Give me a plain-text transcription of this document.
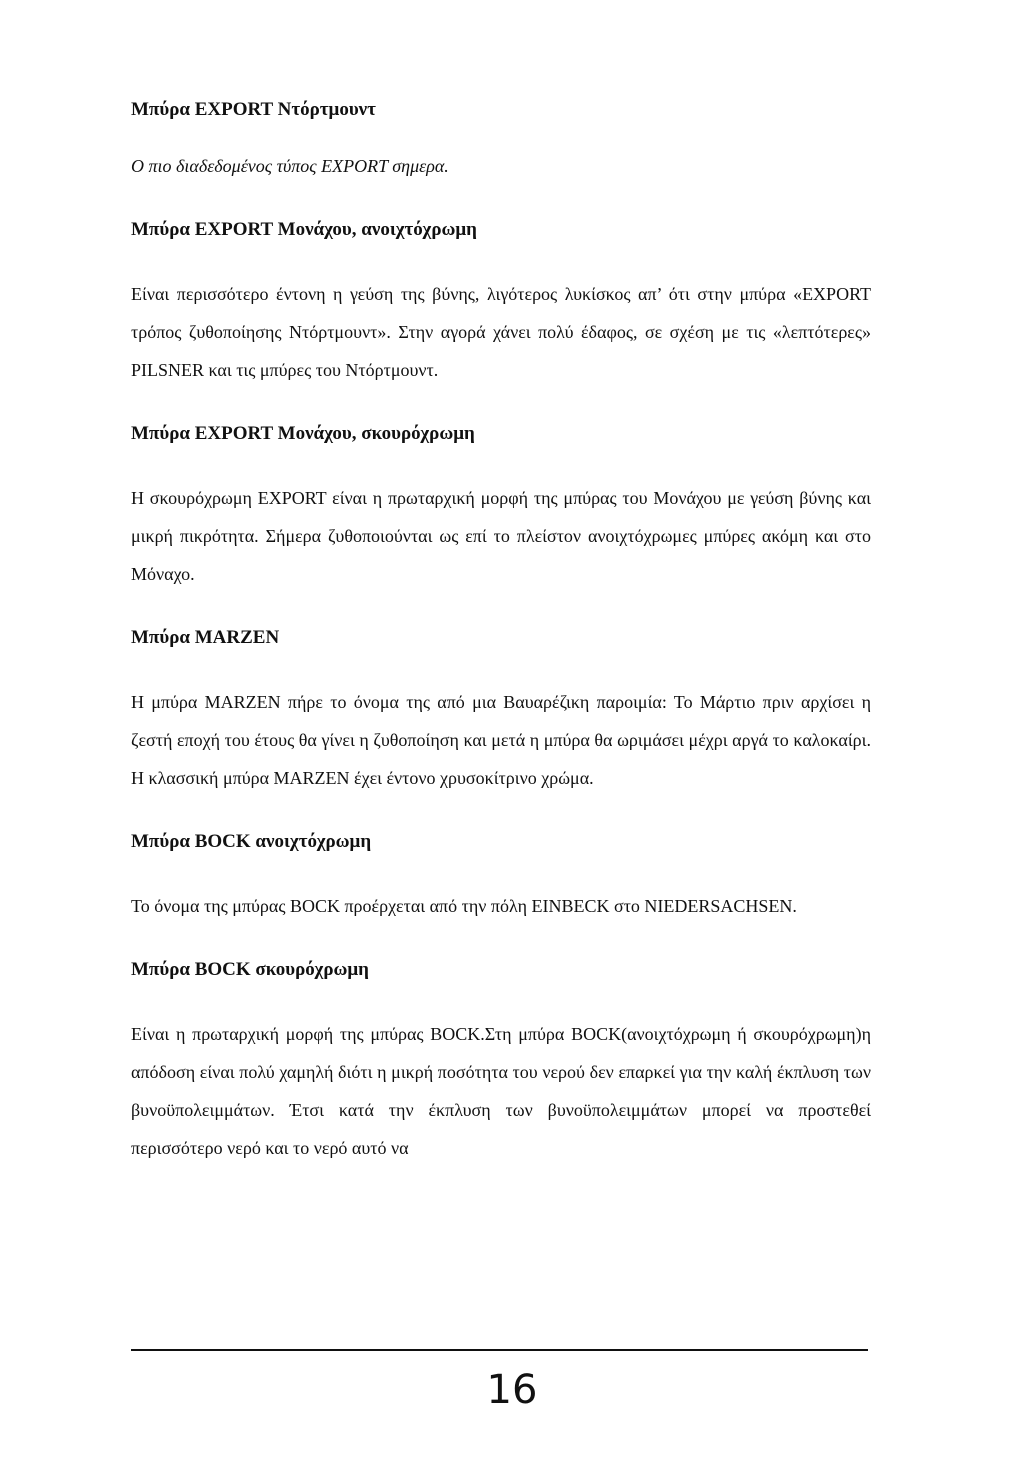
Μπύρα EXPORT Ντόρτμουντ

Ο πιο διαδεδομένος τύπος EXPORT σημερα.

Μπύρα EXPORT Μονάχου, ανοιχτόχρωμη

Είναι περισσότερο έντονη η γεύση της βύνης, λιγότερος λυκίσκος απ’ ότι στην μπύρα «EXPORT τρόπος ζυθοποίησης Ντόρτμουντ». Στην αγορά χάνει πολύ έδαφος, σε σχέση με τις «λεπτότερες» PILSNER και τις μπύρες του Ντόρτμουντ.

Μπύρα EXPORT Μονάχου, σκουρόχρωμη

Η σκουρόχρωμη EXPORT είναι η πρωταρχική μορφή της μπύρας του Μονάχου με γεύση βύνης και μικρή πικρότητα. Σήμερα ζυθοποιούνται ως επί το πλείστον ανοιχτόχρωμες μπύρες ακόμη και στο Μόναχο.

Μπύρα MARZEN

Η μπύρα MARZEN πήρε το όνομα της από μια Βαυαρέζικη παροιμία: Το Μάρτιο πριν αρχίσει η ζεστή εποχή του έτους θα γίνει η ζυθοποίηση και μετά η μπύρα θα ωριμάσει μέχρι αργά το καλοκαίρι. Η κλασσική μπύρα MARZEN έχει έντονο χρυσοκίτρινο χρώμα.

Μπύρα BOCK ανοιχτόχρωμη

Το όνομα της μπύρας BOCK προέρχεται από την πόλη EINBECK στο NIEDERSACHSEN.

Μπύρα BOCK σκουρόχρωμη

Είναι η πρωταρχική μορφή της μπύρας BOCK.Στη μπύρα BOCK(ανοιχτόχρωμη ή σκουρόχρωμη)η απόδοση είναι πολύ χαμηλή διότι η μικρή ποσότητα του νερού δεν επαρκεί για την καλή έκπλυση των βυνοϋπολειμμάτων. Έτσι κατά την έκπλυση των βυνοϋπολειμμάτων μπορεί να προστεθεί περισσότερο νερό και το νερό αυτό να

16
